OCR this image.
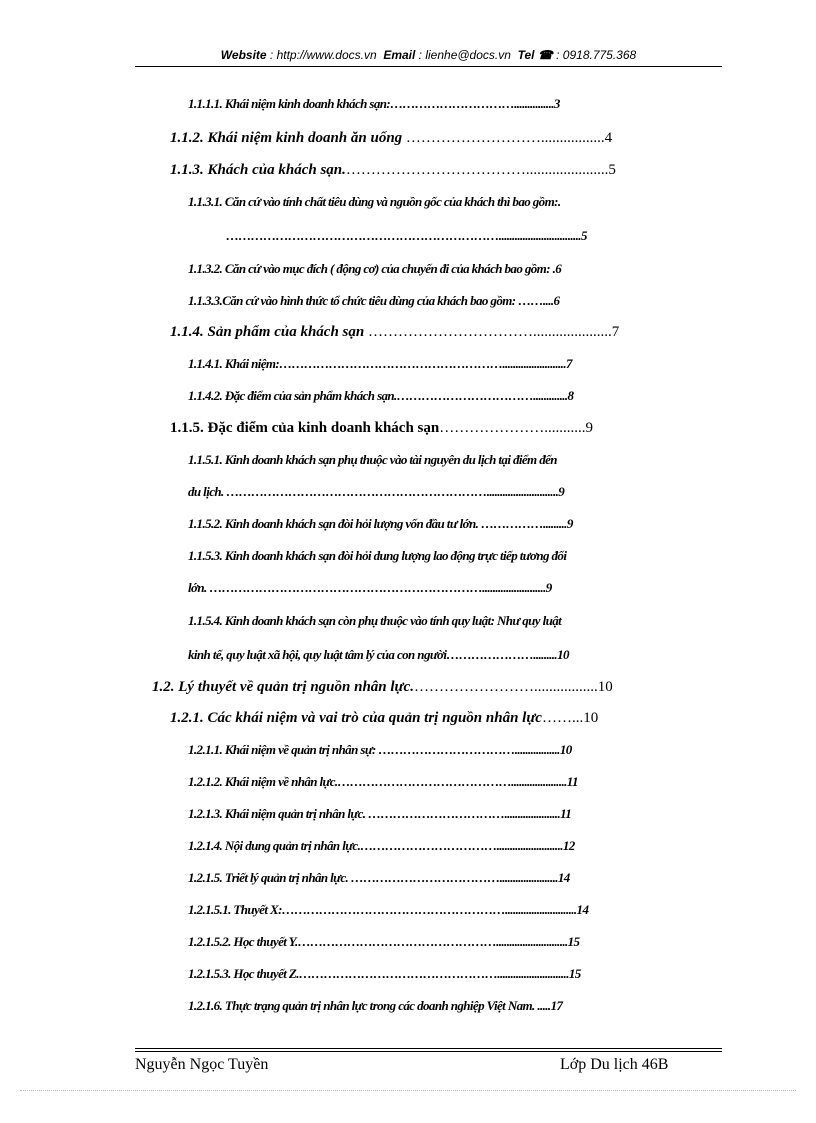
Website : http://www.docs.vn Email : lienhe@docs.vn Tel ☎ : 0918.775.368
1.1.1.1. Khái niệm kinh doanh khách sạn:…………………………...............3
1.1.2. Khái niệm kinh doanh ăn uống ……………………….................4
1.1.3. Khách của khách sạn.………………………………......................5
1.1.3.1. Căn cứ vào tính chất tiêu dùng và nguồn gốc của khách thì bao gồm:.
…………………………………………………………...............................5
1.1.3.2. Căn cứ vào mục đích ( động cơ) của chuyến đi của khách bao gồm: .6
1.1.3.3.Căn cứ vào hình thức tổ chức tiêu dùng của khách bao gồm: ……....6
1.1.4. Sản phẩm của khách sạn …………………………….....................7
1.1.4.1. Khái niệm:………………………………………………........................7
1.1.4.2. Đặc điểm của sản phẩm khách sạn.…………………………….............8
1.1.5. Đặc điểm của kinh doanh khách sạn…………………...........9
1.1.5.1. Kinh doanh khách sạn phụ thuộc vào tài nguyên du lịch tại điểm đến
du lịch. ………………………………………………………...........................9
1.1.5.2. Kinh doanh khách sạn đòi hỏi lượng vốn đầu tư lớn. …………….........9
1.1.5.3. Kinh doanh khách sạn đòi hỏi dung lượng lao động trực tiếp tương đối
lớn. …………………………………………………………........................9
1.1.5.4. Kinh doanh khách sạn còn phụ thuộc vào tính quy luật: Như quy luật
kinh tế, quy luật xã hội, quy luật tâm lý của con người………………….........10
1.2. Lý thuyết về quản trị nguồn nhân lực.…………………….................10
1.2.1. Các khái niệm và vai trò của quản trị nguồn nhân lực……...10
1.2.1.1. Khái niệm về quản trị nhân sự: …………………………….................10
1.2.1.2. Khái niệm về nhân lực.…………………………………….....................11
1.2.1.3. Khái niệm quản trị nhân lực. …………………………….....................11
1.2.1.4. Nội dung quản trị nhân lực.…………………………….........................12
1.2.1.5. Triết lý quản trị nhân lực. ………………………………......................14
1.2.1.5.1. Thuyết X:………………………………………………...........................14
1.2.1.5.2. Học thuyết Y.…………………………………………...........................15
1.2.1.5.3. Học thuyết Z.…………………………………………...........................15
1.2.1.6. Thực trạng quản trị nhân lực trong các doanh nghiệp Việt Nam. .....17
Nguyễn Ngọc Tuyền	Lớp Du lịch 46B
